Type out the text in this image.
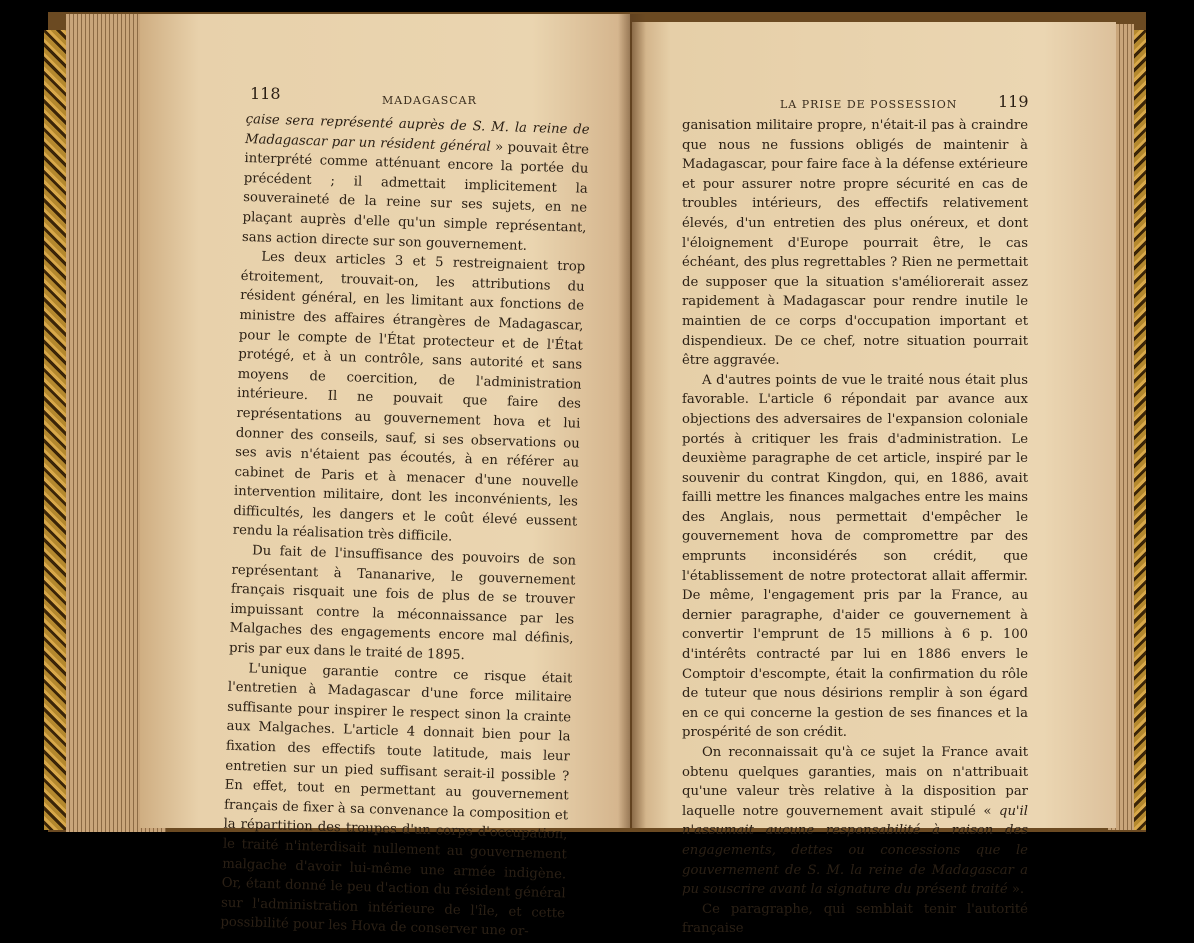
118	MADAGASCAR	LA PRISE DE POSSESSION	119

çaise sera représenté auprès de S. M. la reine de Madagascar par un résident général » pouvait être interprété comme atténuant encore la portée du précédent ; il admettait implicitement la souveraineté de la reine sur ses sujets, en ne plaçant auprès d'elle qu'un simple représentant, sans action directe sur son gouvernement.

Les deux articles 3 et 5 restreignaient trop étroitement, trouvait-on, les attributions du résident général, en les limitant aux fonctions de ministre des affaires étrangères de Madagascar, pour le compte de l'État protecteur et de l'État protégé, et à un contrôle, sans autorité et sans moyens de coercition, de l'administration intérieure. Il ne pouvait que faire des représentations au gouvernement hova et lui donner des conseils, sauf, si ses observations ou ses avis n'étaient pas écoutés, à en référer au cabinet de Paris et à menacer d'une nouvelle intervention militaire, dont les inconvénients, les difficultés, les dangers et le coût élevé eussent rendu la réalisation très difficile.

Du fait de l'insuffisance des pouvoirs de son représentant à Tananarive, le gouvernement français risquait une fois de plus de se trouver impuissant contre la méconnaissance par les Malgaches des engagements encore mal définis, pris par eux dans le traité de 1895.

L'unique garantie contre ce risque était l'entretien à Madagascar d'une force militaire suffisante pour inspirer le respect sinon la crainte aux Malgaches. L'article 4 donnait bien pour la fixation des effectifs toute latitude, mais leur entretien sur un pied suffisant serait-il possible ? En effet, tout en permettant au gouvernement français de fixer à sa convenance la composition et la répartition des troupes d'un corps d'occupation, le traité n'interdisait nullement au gouvernement malgache d'avoir lui-même une armée indigène. Or, étant donné le peu d'action du résident général sur l'administration intérieure de l'île, et cette possibilité pour les Hova de conserver une or-

ganisation militaire propre, n'était-il pas à craindre que nous ne fussions obligés de maintenir à Madagascar, pour faire face à la défense extérieure et pour assurer notre propre sécurité en cas de troubles intérieurs, des effectifs relativement élevés, d'un entretien des plus onéreux, et dont l'éloignement d'Europe pourrait être, le cas échéant, des plus regrettables ? Rien ne permettait de supposer que la situation s'améliorerait assez rapidement à Madagascar pour rendre inutile le maintien de ce corps d'occupation important et dispendieux. De ce chef, notre situation pourrait être aggravée.

A d'autres points de vue le traité nous était plus favorable. L'article 6 répondait par avance aux objections des adversaires de l'expansion coloniale portés à critiquer les frais d'administration. Le deuxième paragraphe de cet article, inspiré par le souvenir du contrat Kingdon, qui, en 1886, avait failli mettre les finances malgaches entre les mains des Anglais, nous permettait d'empêcher le gouvernement hova de compromettre par des emprunts inconsidérés son crédit, que l'établissement de notre protectorat allait affermir. De même, l'engagement pris par la France, au dernier paragraphe, d'aider ce gouvernement à convertir l'emprunt de 15 millions à 6 p. 100 d'intérêts contracté par lui en 1886 envers le Comptoir d'escompte, était la confirmation du rôle de tuteur que nous désirions remplir à son égard en ce qui concerne la gestion de ses finances et la prospérité de son crédit.

On reconnaissait qu'à ce sujet la France avait obtenu quelques garanties, mais on n'attribuait qu'une valeur très relative à la disposition par laquelle notre gouvernement avait stipulé « qu'il n'assumait aucune responsabilité à raison des engagements, dettes ou concessions que le gouvernement de S. M. la reine de Madagascar a pu souscrire avant la signature du présent traité ».

Ce paragraphe, qui semblait tenir l'autorité française
